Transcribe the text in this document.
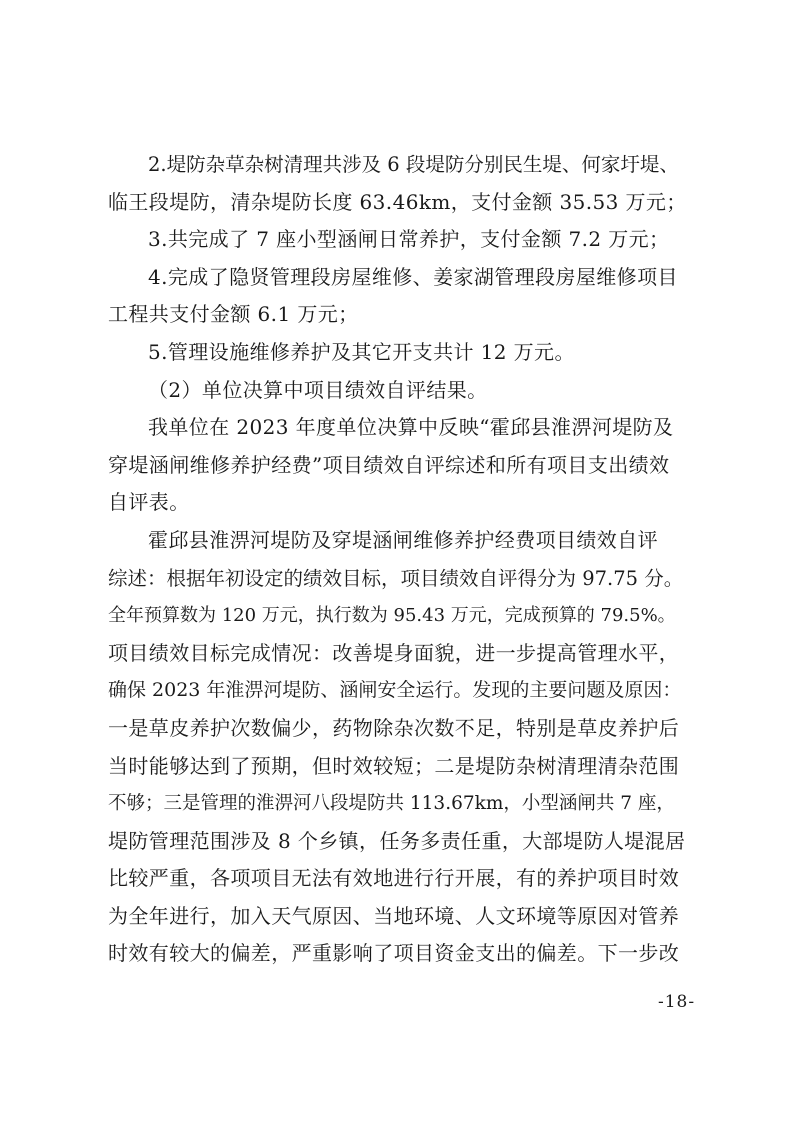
2.堤防杂草杂树清理共涉及 6 段堤防分别民生堤、何家圩堤、
临王段堤防，清杂堤防长度 63.46km，支付金额 35.53 万元；
3.共完成了 7 座小型涵闸日常养护，支付金额 7.2 万元；
4.完成了隐贤管理段房屋维修、姜家湖管理段房屋维修项目
工程共支付金额 6.1 万元；
5.管理设施维修养护及其它开支共计 12 万元。
（2）单位决算中项目绩效自评结果。
我单位在 2023 年度单位决算中反映“霍邱县淮淠河堤防及
穿堤涵闸维修养护经费”项目绩效自评综述和所有项目支出绩效
自评表。
霍邱县淮淠河堤防及穿堤涵闸维修养护经费项目绩效自评
综述：根据年初设定的绩效目标，项目绩效自评得分为 97.75 分。
全年预算数为 120 万元，执行数为 95.43 万元，完成预算的 79.5%。
项目绩效目标完成情况：改善堤身面貌，进一步提高管理水平，
确保 2023 年淮淠河堤防、涵闸安全运行。发现的主要问题及原因：
一是草皮养护次数偏少，药物除杂次数不足，特别是草皮养护后
当时能够达到了预期，但时效较短；二是堤防杂树清理清杂范围
不够；三是管理的淮淠河八段堤防共 113.67km，小型涵闸共 7 座，
堤防管理范围涉及 8 个乡镇，任务多责任重，大部堤防人堤混居
比较严重，各项项目无法有效地进行行开展，有的养护项目时效
为全年进行，加入天气原因、当地环境、人文环境等原因对管养
时效有较大的偏差，严重影响了项目资金支出的偏差。下一步改
-18-
